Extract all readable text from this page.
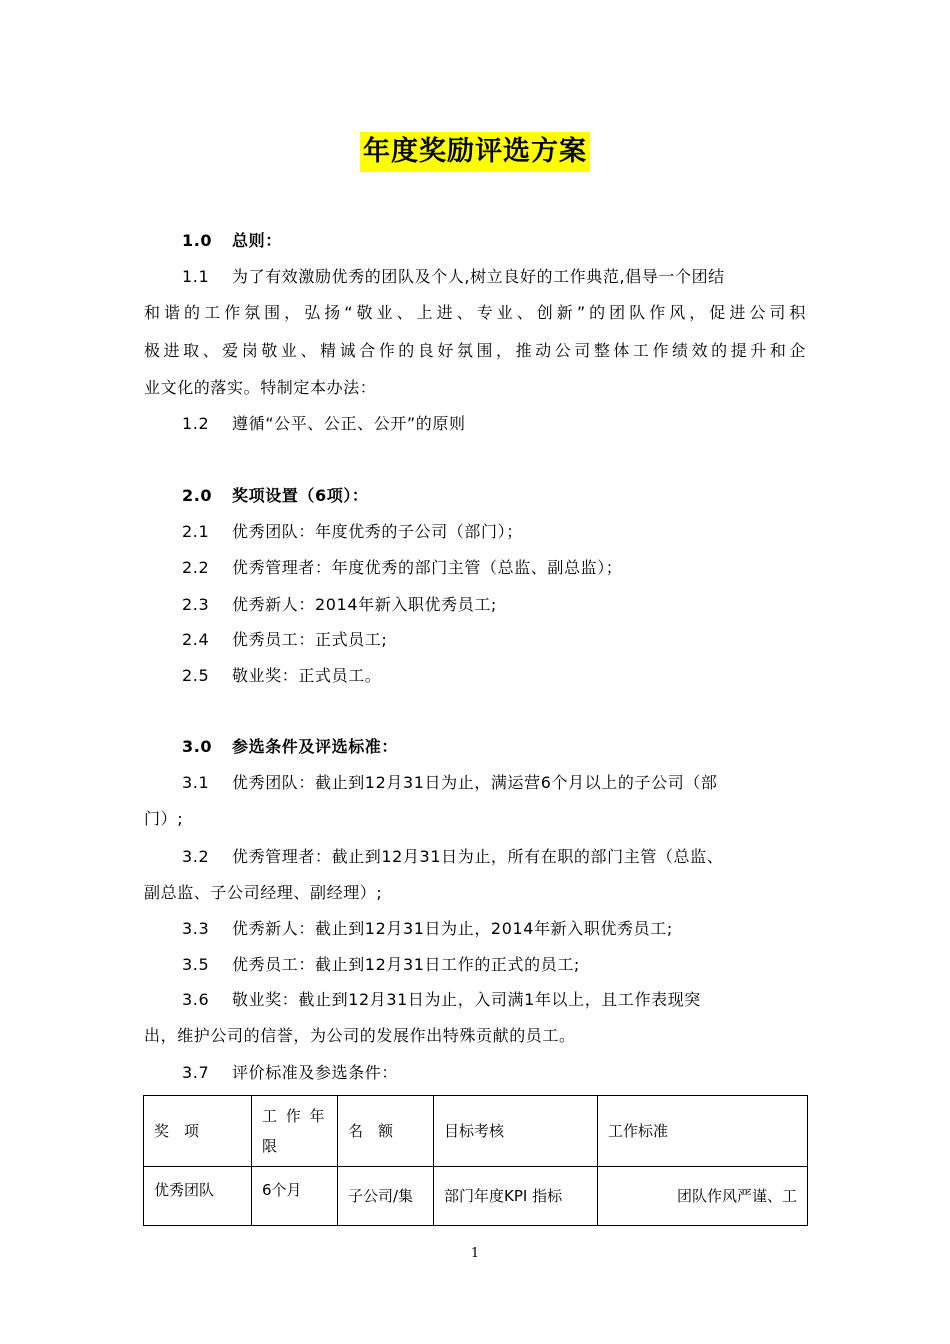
年度奖励评选方案
1.0 总则：
1.1 为了有效激励优秀的团队及个人,树立良好的工作典范,倡导一个团结
和谐的工作氛围，弘扬“敬业、上进、专业、创新”的团队作风，促进公司积
极进取、爱岗敬业、精诚合作的良好氛围，推动公司整体工作绩效的提升和企
业文化的落实。特制定本办法：
1.2 遵循“公平、公正、公开”的原则
2.0 奖项设置（6项）：
2.1 优秀团队：年度优秀的子公司（部门）；
2.2 优秀管理者：年度优秀的部门主管（总监、副总监）；
2.3 优秀新人：2014年新入职优秀员工;
2.4 优秀员工：正式员工;
2.5 敬业奖：正式员工。
3.0 参选条件及评选标准：
3.1 优秀团队：截止到12月31日为止，满运营6个月以上的子公司（部
门）;
3.2 优秀管理者：截止到12月31日为止，所有在职的部门主管（总监、
副总监、子公司经理、副经理）;
3.3 优秀新人：截止到12月31日为止，2014年新入职优秀员工;
3.5 优秀员工：截止到12月31日工作的正式的员工;
3.6 敬业奖：截止到12月31日为止，入司满1年以上，且工作表现突
出，维护公司的信誉，为公司的发展作出特殊贡献的员工。
3.7 评价标准及参选条件：
奖　项	工 作 年 限	名　额	目标考核	工作标准
优秀团队	6个月	子公司/集	部门年度KPI 指标	团队作风严谨、工
1
